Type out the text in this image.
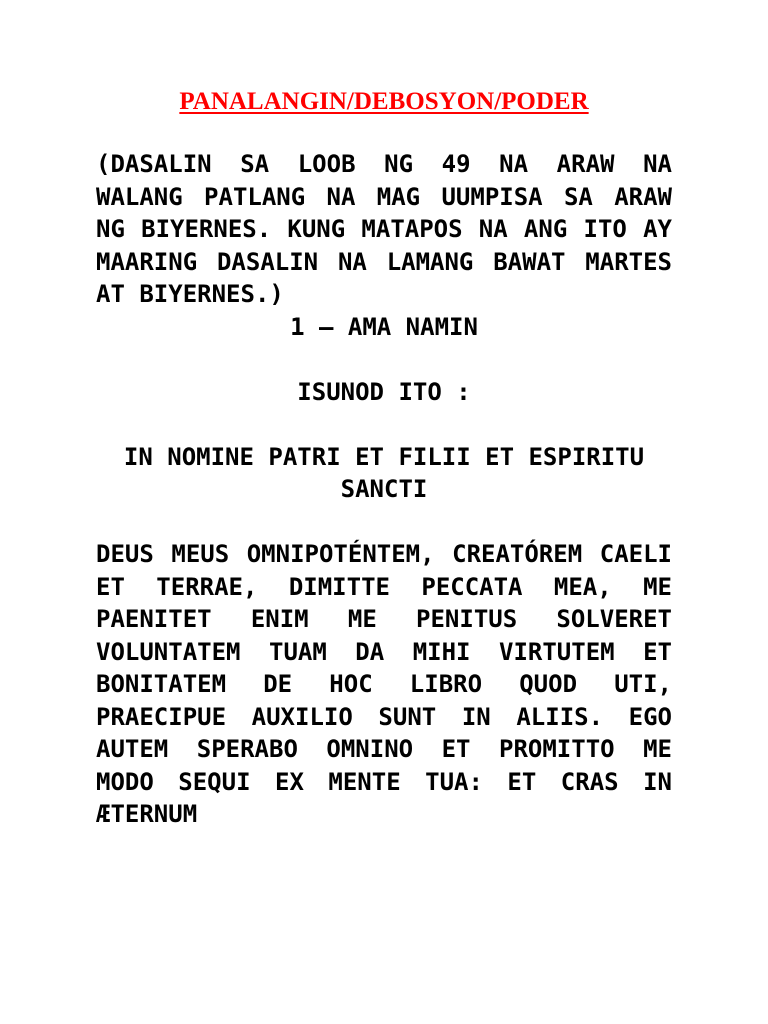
PANALANGIN/DEBOSYON/PODER

(DASALIN SA LOOB NG 49 NA ARAW NA WALANG PATLANG NA MAG UUMPISA SA ARAW NG BIYERNES. KUNG MATAPOS NA ANG ITO AY MAARING DASALIN NA LAMANG BAWAT MARTES AT BIYERNES.)

1 – AMA NAMIN

ISUNOD ITO :

IN NOMINE PATRI ET FILII ET ESPIRITU SANCTI

DEUS MEUS OMNIPOTÉNTEM, CREATÓREM CAELI ET TERRAE, DIMITTE PECCATA MEA, ME PAENITET ENIM ME PENITUS SOLVERET VOLUNTATEM TUAM DA MIHI VIRTUTEM ET BONITATEM DE HOC LIBRO QUOD UTI, PRAECIPUE AUXILIO SUNT IN ALIIS. EGO AUTEM SPERABO OMNINO ET PROMITTO ME MODO SEQUI EX MENTE TUA: ET CRAS IN ÆTERNUM
